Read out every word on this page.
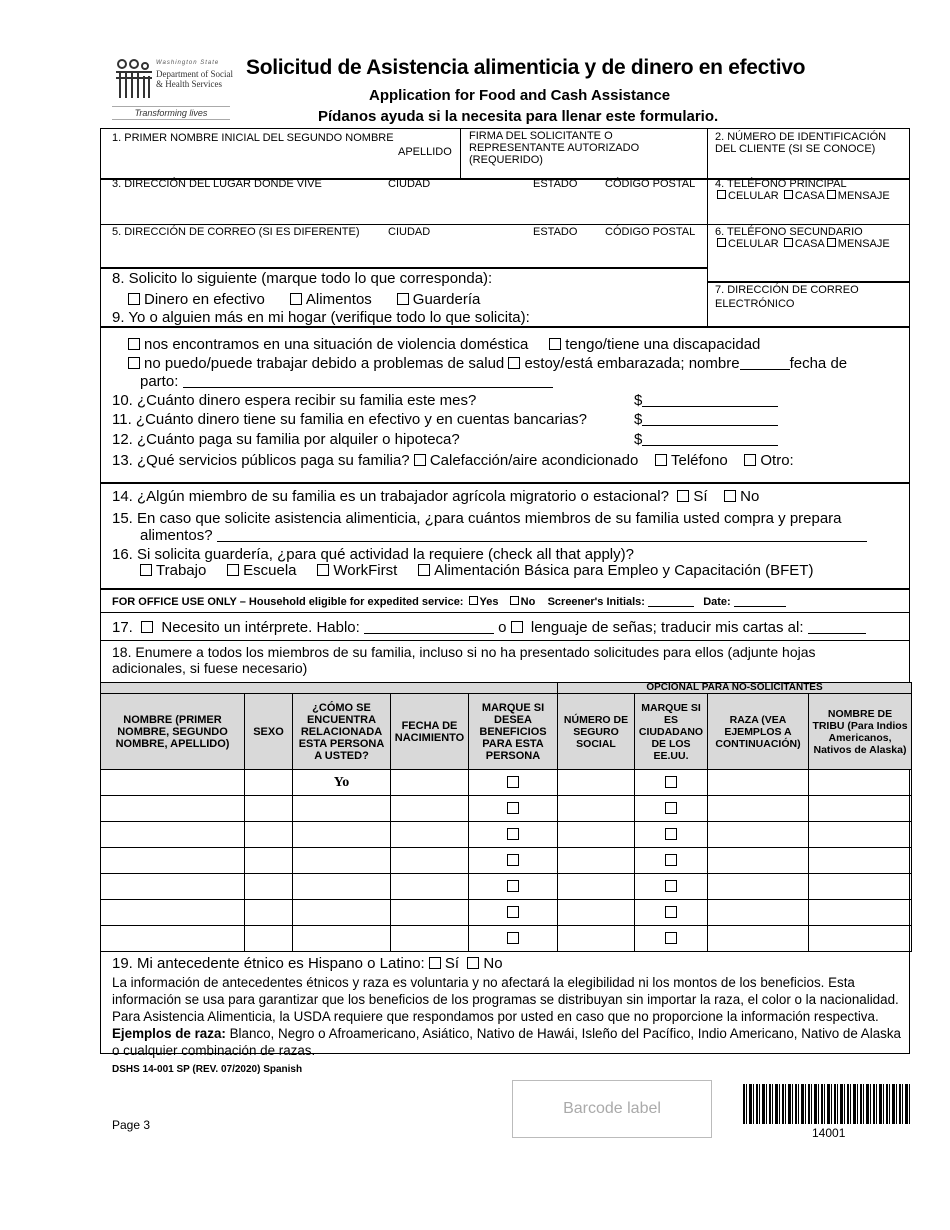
Washington State
Department of Social & Health Services
Transforming lives
Solicitud de Asistencia alimenticia y de dinero en efectivo
Application for Food and Cash Assistance
Pídanos ayuda si la necesita para llenar este formulario.
1. PRIMER NOMBRE INICIAL DEL SEGUNDO NOMBRE
APELLIDO
FIRMA DEL SOLICITANTE O REPRESENTANTE AUTORIZADO (REQUERIDO)
2. NÚMERO DE IDENTIFICACIÓN DEL CLIENTE (SI SE CONOCE)
3. DIRECCIÓN DEL LUGAR DONDE VIVE	CIUDAD	ESTADO	CÓDIGO POSTAL 4. TELÉFONO PRINCIPAL
CELULAR CASA MENSAJE
5. DIRECCIÓN DE CORREO (SI ES DIFERENTE)	CIUDAD	ESTADO	CÓDIGO POSTAL 6. TELÉFONO SECUNDARIO
CELULAR CASA MENSAJE
7. DIRECCIÓN DE CORREO ELECTRÓNICO
8. Solicito lo siguiente (marque todo lo que corresponda):
Dinero en efectivo	Alimentos	Guardería
9. Yo o alguien más en mi hogar (verifique todo lo que solicita):
nos encontramos en una situación de violencia doméstica tengo/tiene una discapacidad
no puedo/puede trabajar debido a problemas de salud estoy/está embarazada; nombre	fecha de
parto:
10. ¿Cuánto dinero espera recibir su familia este mes?
11. ¿Cuánto dinero tiene su familia en efectivo y en cuentas bancarias?
12. ¿Cuánto paga su familia por alquiler o hipoteca?
$
$
$
13. ¿Qué servicios públicos paga su familia? Calefacción/aire acondicionado Teléfono Otro:
14. ¿Algún miembro de su familia es un trabajador agrícola migratorio o estacional? Sí No
15. En caso que solicite asistencia alimenticia, ¿para cuántos miembros de su familia usted compra y prepara
alimentos?
16. Si solicita guardería, ¿para qué actividad la requiere (check all that apply)?
Trabajo Escuela WorkFirst Alimentación Básica para Empleo y Capacitación (BFET)
FOR OFFICE USE ONLY – Household eligible for expedited service: Yes No Screener's Initials:	Date:
17. Necesito un intérprete. Hablo:	o lenguaje de señas; traducir mis cartas al:
18. Enumere a todos los miembros de su familia, incluso si no ha presentado solicitudes para ellos (adjunte hojas adicionales, si fuese necesario)
					OPCIONAL PARA NO-SOLICITANTES			
NOMBRE (PRIMER NOMBRE, SEGUNDO NOMBRE, APELLIDO)	SEXO	¿CÓMO SE ENCUENTRA RELACIONADA ESTA PERSONA A USTED?	FECHA DE NACIMIENTO	MARQUE SI DESEA BENEFICIOS PARA ESTA PERSONA	NÚMERO DE SEGURO SOCIAL	MARQUE SI ES CIUDADANO DE LOS EE.UU.	RAZA (VEA EJEMPLOS A CONTINUACIÓN)	NOMBRE DE TRIBU (Para Indios Americanos, Nativos de Alaska)
		Yo						

19. Mi antecedente étnico es Hispano o Latino: Sí No
La información de antecedentes étnicos y raza es voluntaria y no afectará la elegibilidad ni los montos de los beneficios. Esta información se usa para garantizar que los beneficios de los programas se distribuyan sin importar la raza, el color o la nacionalidad. Para Asistencia Alimenticia, la USDA requiere que respondamos por usted en caso que no proporcione la información respectiva. Ejemplos de raza: Blanco, Negro o Afroamericano, Asiático, Nativo de Hawái, Isleño del Pacífico, Indio Americano, Nativo de Alaska o cualquier combinación de razas.
DSHS 14-001 SP (REV. 07/2020) Spanish
Page 3
Barcode label
14001
